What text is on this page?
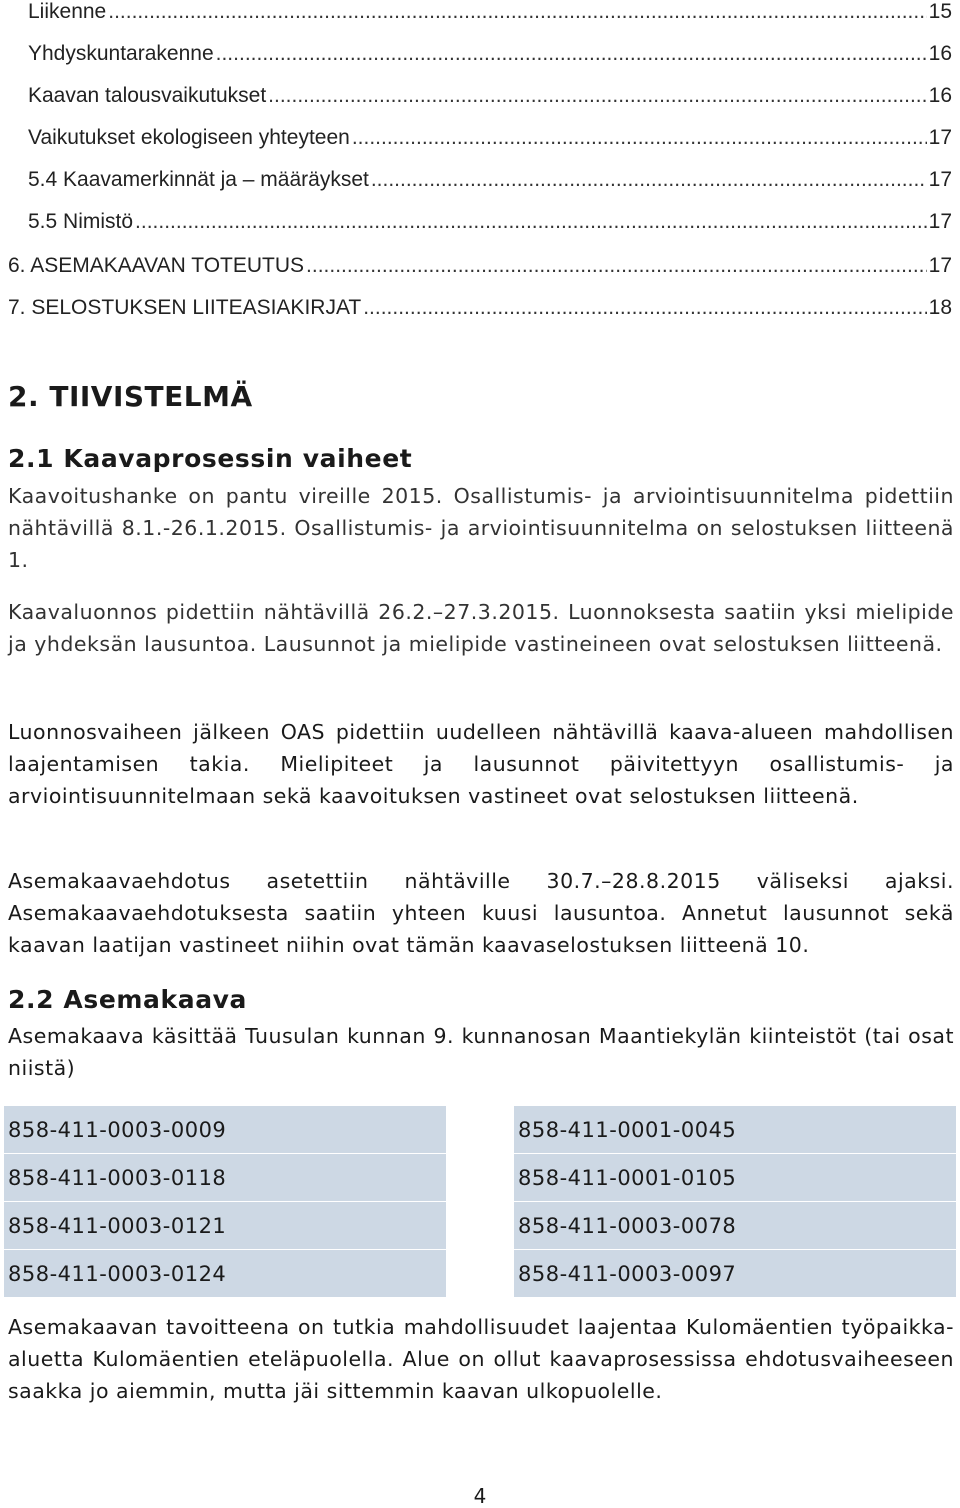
Liikenne .....	15
Yhdyskuntarakenne .....	16
Kaavan talousvaikutukset .....	16
Vaikutukset ekologiseen yhteyteen .....	17
5.4 Kaavamerkinnät ja – määräykset .....	17
5.5 Nimistö .....	17
6. ASEMAKAAVAN TOTEUTUS .....	17
7. SELOSTUKSEN LIITEASIAKIRJAT .....	18
2. TIIVISTELMÄ
2.1 Kaavaprosessin vaiheet

Kaavoitushanke on pantu vireille 2015. Osallistumis- ja arviointisuunnitelma pidettiin nähtävillä 8.1.-26.1.2015. Osallistumis- ja arviointisuunnitelma on selostuksen liitteenä 1.

Kaavaluonnos pidettiin nähtävillä 26.2.–27.3.2015. Luonnoksesta saatiin yksi mielipide ja yhdeksän lausuntoa. Lausunnot ja mielipide vastineineen ovat selostuksen liitteenä.

Luonnosvaiheen jälkeen OAS pidettiin uudelleen nähtävillä kaava-alueen mahdollisen laajentamisen takia. Mielipiteet ja lausunnot päivitettyyn osallistumis- ja arviointisuunnitelmaan sekä kaavoituksen vastineet ovat selostuksen liitteenä.

Asemakaavaehdotus asetettiin nähtäville 30.7.–28.8.2015 väliseksi ajaksi. Asemakaavaehdotuksesta saatiin yhteen kuusi lausuntoa. Annetut lausunnot sekä kaavan laatijan vastineet niihin ovat tämän kaavaselostuksen liitteenä 10.

2.2 Asemakaava

Asemakaava käsittää Tuusulan kunnan 9. kunnanosan Maantiekylän kiinteistöt (tai osat niistä)

858-411-0003-0009	858-411-0001-0045
858-411-0003-0118	858-411-0001-0105
858-411-0003-0121	858-411-0003-0078
858-411-0003-0124	858-411-0003-0097

Asemakaavan tavoitteena on tutkia mahdollisuudet laajentaa Kulomäentien työpaikka-aluetta Kulomäentien eteläpuolella. Alue on ollut kaavaprosessissa ehdotusvaiheeseen saakka jo aiemmin, mutta jäi sittemmin kaavan ulkopuolelle.

4
